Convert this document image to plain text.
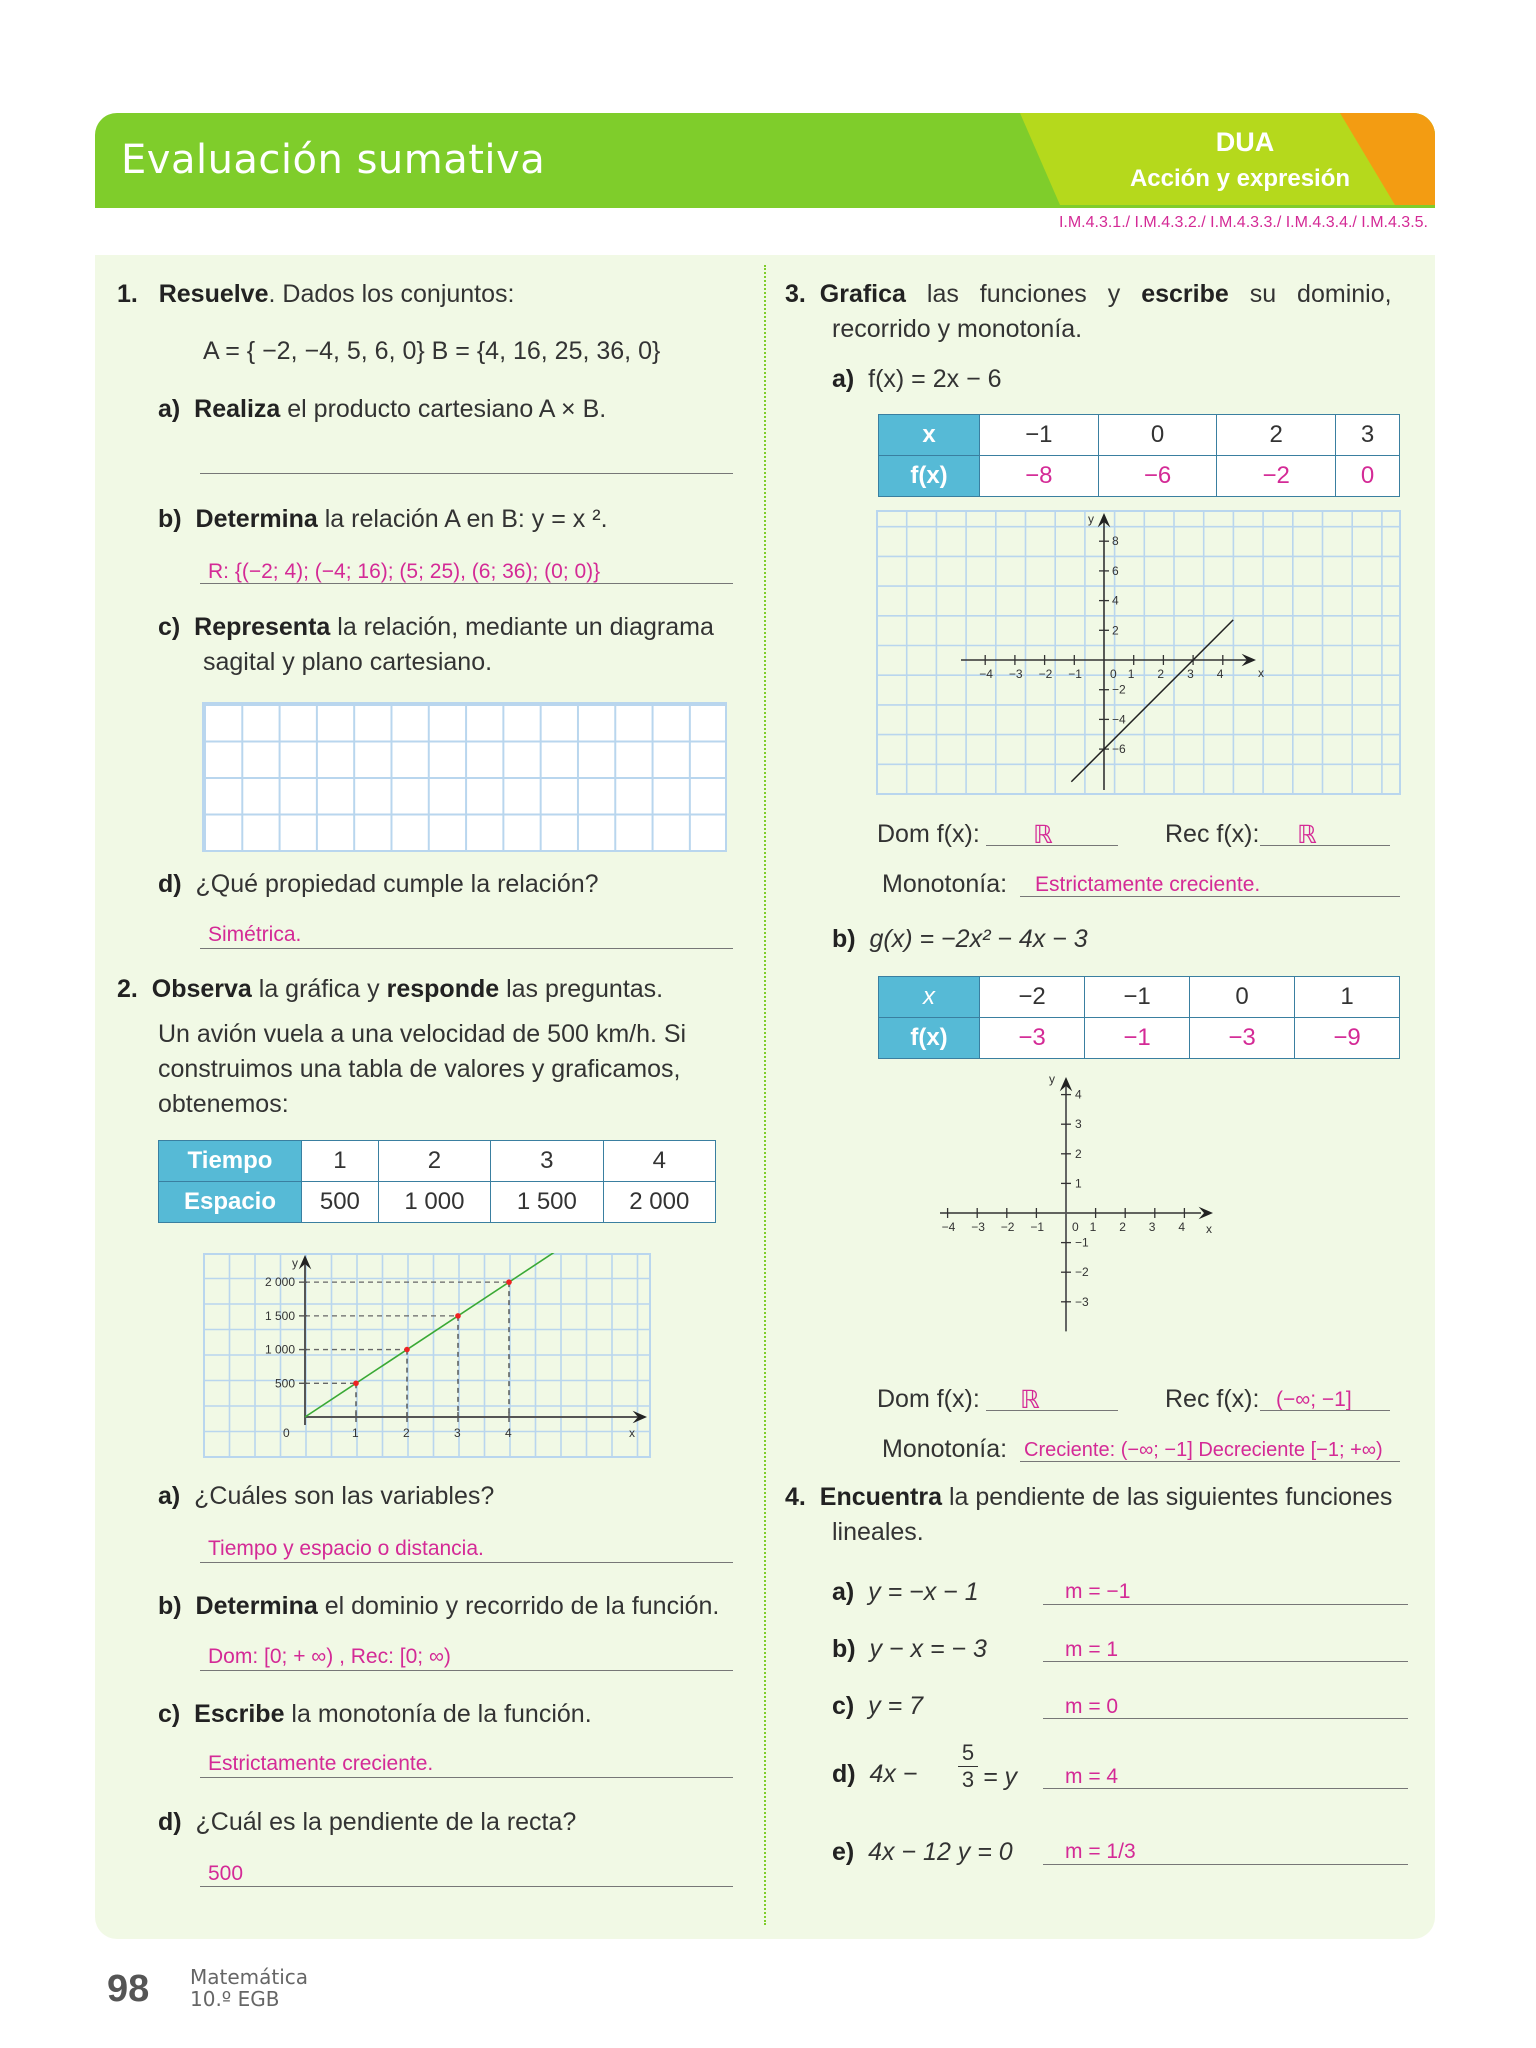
Evaluación sumativa	DUA
Acción y expresión
I.M.4.3.1./ I.M.4.3.2./ I.M.4.3.3./ I.M.4.3.4./ I.M.4.3.5.
1. Resuelve. Dados los conjuntos:
A = { −2, −4, 5, 6, 0} B = {4, 16, 25, 36, 0}
a) Realiza el producto cartesiano A × B.
b) Determina la relación A en B: y = x ².
R: {(−2; 4); (−4; 16); (5; 25), (6; 36); (0; 0)}
c) Representa la relación, mediante un diagrama
sagital y plano cartesiano.
d) ¿Qué propiedad cumple la relación?
Simétrica.
2. Observa la gráfica y responde las preguntas.
Un avión vuela a una velocidad de 500 km/h. Si
construimos una tabla de valores y graficamos,
obtenemos:
Tiempo	1	2	3	4
Espacio	500	1 000	1 500	2 000
y
x
0	1	2	3	4
500
1 000
1 500
2 000
a) ¿Cuáles son las variables?
Tiempo y espacio o distancia.
b) Determina el dominio y recorrido de la función.
Dom: [0; + ∞) , Rec: [0; ∞)
c) Escribe la monotonía de la función.
Estrictamente creciente.
d) ¿Cuál es la pendiente de la recta?
500
3. Grafica las funciones y escribe su dominio,
recorrido y monotonía.
a) f(x) = 2x − 6
x	−1	0	2	3
f(x)	−8	−6	−2	0
y
x
−4 −3 −2 −1 0 1 2 3 4
8
6
4
2
−2
−4
−6
Dom f(x): ℝ	Rec f(x): ℝ
Monotonía: Estrictamente creciente.
b) g(x) = −2x² − 4x − 3
x	−2	−1	0	1
f(x)	−3	−1	−3	−9
y
x
−4 −3 −2 −1 0 1 2 3 4
4
3
2
1
−1
−2
−3
Dom f(x): ℝ	Rec f(x): (−∞; −1]
Monotonía: Creciente: (−∞; −1] Decreciente [−1; +∞)
4. Encuentra la pendiente de las siguientes funciones
lineales.
a) y = −x − 1	m = −1
b) y − x = − 3	m = 1
c) y = 7	m = 0
d) 4x −
5
3 = y m = 4
e) 4x − 12 y = 0 m = 1/3
98 Matemática
10.º EGB
